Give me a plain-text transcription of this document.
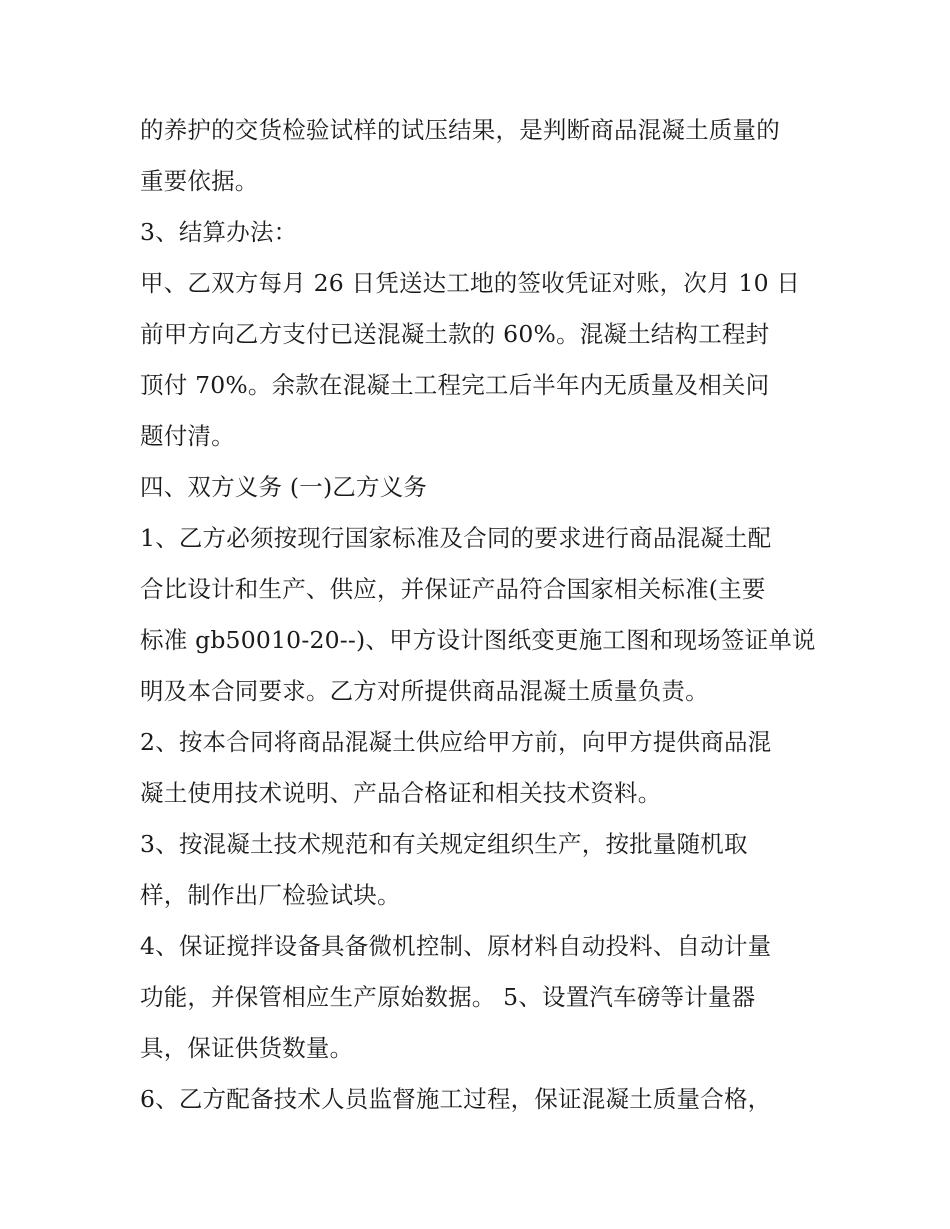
的养护的交货检验试样的试压结果，是判断商品混凝土质量的
重要依据。
3、结算办法：
甲、乙双方每月 26 日凭送达工地的签收凭证对账，次月 10 日
前甲方向乙方支付已送混凝土款的 60%。混凝土结构工程封
顶付 70%。余款在混凝土工程完工后半年内无质量及相关问
题付清。
四、双方义务 (一)乙方义务
1、乙方必须按现行国家标准及合同的要求进行商品混凝土配
合比设计和生产、供应，并保证产品符合国家相关标准(主要
标准 gb50010-20--)、甲方设计图纸变更施工图和现场签证单说
明及本合同要求。乙方对所提供商品混凝土质量负责。
2、按本合同将商品混凝土供应给甲方前，向甲方提供商品混
凝土使用技术说明、产品合格证和相关技术资料。
3、按混凝土技术规范和有关规定组织生产，按批量随机取
样，制作出厂检验试块。
4、保证搅拌设备具备微机控制、原材料自动投料、自动计量
功能，并保管相应生产原始数据。 5、设置汽车磅等计量器
具，保证供货数量。
6、乙方配备技术人员监督施工过程，保证混凝土质量合格，
